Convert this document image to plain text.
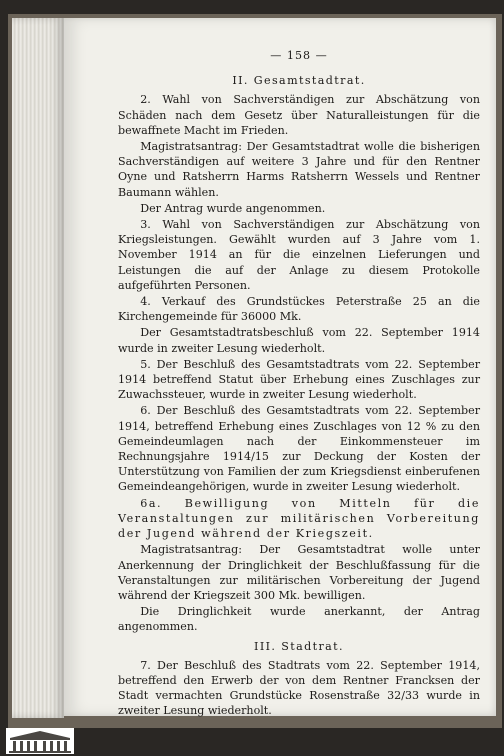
— 158 —
II. Gesamtstadtrat.

2. Wahl von Sachverständigen zur Abschätzung von Schäden nach dem Gesetz über Naturalleistungen für die bewaffnete Macht im Frieden.

Magistratsantrag: Der Gesamtstadtrat wolle die bisherigen Sachverständigen auf weitere 3 Jahre und für den Rentner Oyne und Ratsherrn Harms Ratsherrn Wessels und Rentner Baumann wählen.

Der Antrag wurde angenommen.

3. Wahl von Sachverständigen zur Abschätzung von Kriegsleistungen. Gewählt wurden auf 3 Jahre vom 1. November 1914 an für die einzelnen Lieferungen und Leistungen die auf der Anlage zu diesem Protokolle aufgeführten Personen.

4. Verkauf des Grundstückes Peterstraße 25 an die Kirchengemeinde für 36000 Mk.

Der Gesamtstadtratsbeschluß vom 22. September 1914 wurde in zweiter Lesung wiederholt.

5. Der Beschluß des Gesamtstadtrats vom 22. September 1914 betreffend Statut über Erhebung eines Zuschlages zur Zuwachssteuer, wurde in zweiter Lesung wiederholt.

6. Der Beschluß des Gesamtstadtrats vom 22. September 1914, betreffend Erhebung eines Zuschlages von 12 % zu den Gemeindeumlagen nach der Einkommensteuer im Rechnungsjahre 1914/15 zur Deckung der Kosten der Unterstützung von Familien der zum Kriegsdienst einberufenen Gemeindeangehörigen, wurde in zweiter Lesung wiederholt.

6a. Bewilligung von Mitteln für die Veranstaltungen zur militärischen Vorbereitung der Jugend während der Kriegszeit.

Magistratsantrag: Der Gesamtstadtrat wolle unter Anerkennung der Dringlichkeit der Beschlußfassung für die Veranstaltungen zur militärischen Vorbereitung der Jugend während der Kriegszeit 300 Mk. bewilligen.

Die Dringlichkeit wurde anerkannt, der Antrag angenommen.

III. Stadtrat.

7. Der Beschluß des Stadtrats vom 22. September 1914, betreffend den Erwerb der von dem Rentner Francksen der Stadt vermachten Grundstücke Rosenstraße 32/33 wurde in zweiter Lesung wiederholt.
